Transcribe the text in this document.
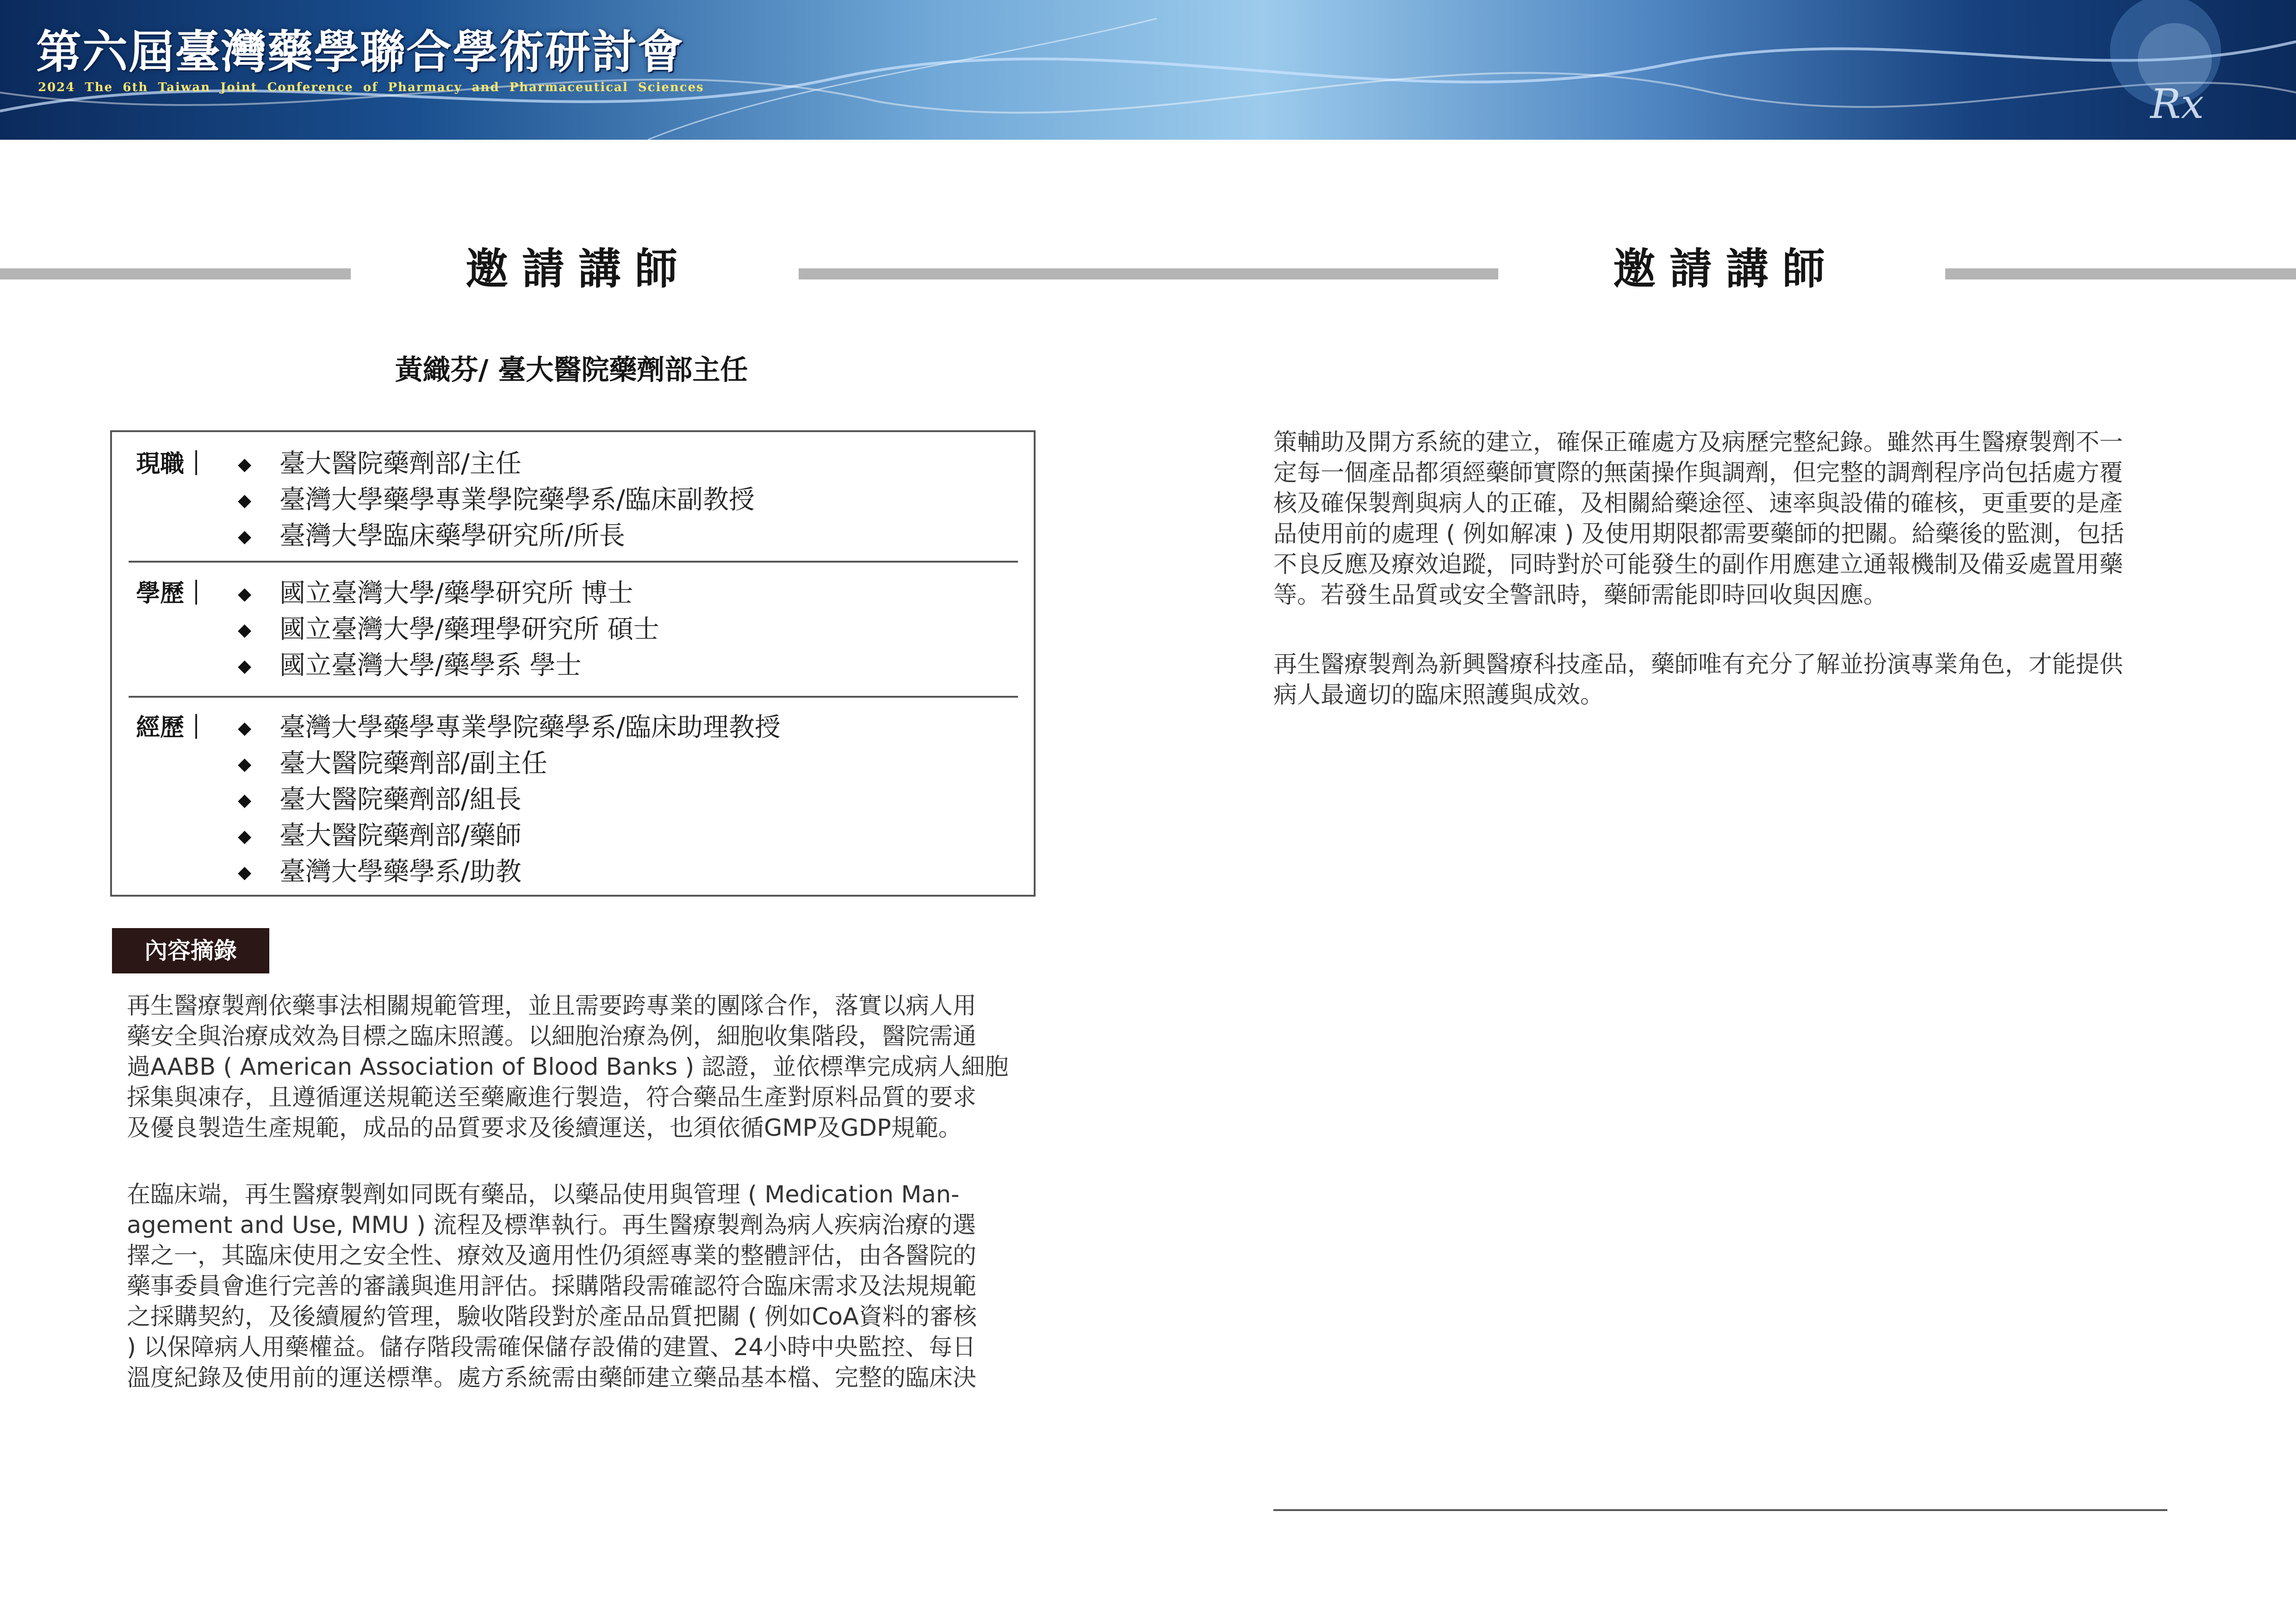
第六屆臺灣藥學聯合學術研討會
2024 The 6th Taiwan Joint Conference of Pharmacy and Pharmaceutical Sciences	Rx
邀請講師	邀請講師
黃織芬/ 臺大醫院藥劑部主任
現職｜ ◆ 臺大醫院藥劑部/主任
◆ 臺灣大學藥學專業學院藥學系/臨床副教授
◆ 臺灣大學臨床藥學研究所/所長
學歷｜ ◆ 國立臺灣大學/藥學研究所 博士
◆ 國立臺灣大學/藥理學研究所 碩士
◆ 國立臺灣大學/藥學系 學士
經歷｜ ◆ 臺灣大學藥學專業學院藥學系/臨床助理教授
◆ 臺大醫院藥劑部/副主任
◆ 臺大醫院藥劑部/組長
◆ 臺大醫院藥劑部/藥師
◆ 臺灣大學藥學系/助教
內容摘錄
再生醫療製劑依藥事法相關規範管理，並且需要跨專業的團隊合作，落實以病人用
藥安全與治療成效為目標之臨床照護。以細胞治療為例，細胞收集階段，醫院需通
過AABB ( American Association of Blood Banks ) 認證，並依標準完成病人細胞
採集與凍存，且遵循運送規範送至藥廠進行製造，符合藥品生產對原料品質的要求
及優良製造生產規範，成品的品質要求及後續運送，也須依循GMP及GDP規範。
在臨床端，再生醫療製劑如同既有藥品，以藥品使用與管理 ( Medication Man-
agement and Use, MMU ) 流程及標準執行。再生醫療製劑為病人疾病治療的選
擇之一，其臨床使用之安全性、療效及適用性仍須經專業的整體評估，由各醫院的
藥事委員會進行完善的審議與進用評估。採購階段需確認符合臨床需求及法規規範
之採購契約，及後續履約管理，驗收階段對於產品品質把關 ( 例如CoA資料的審核
) 以保障病人用藥權益。儲存階段需確保儲存設備的建置、24小時中央監控、每日
溫度紀錄及使用前的運送標準。處方系統需由藥師建立藥品基本檔、完整的臨床決
策輔助及開方系統的建立，確保正確處方及病歷完整紀錄。雖然再生醫療製劑不一
定每一個產品都須經藥師實際的無菌操作與調劑，但完整的調劑程序尚包括處方覆
核及確保製劑與病人的正確，及相關給藥途徑、速率與設備的確核，更重要的是產
品使用前的處理 ( 例如解凍 ) 及使用期限都需要藥師的把關。給藥後的監測，包括
不良反應及療效追蹤，同時對於可能發生的副作用應建立通報機制及備妥處置用藥
等。若發生品質或安全警訊時，藥師需能即時回收與因應。
再生醫療製劑為新興醫療科技產品，藥師唯有充分了解並扮演專業角色，才能提供
病人最適切的臨床照護與成效。
